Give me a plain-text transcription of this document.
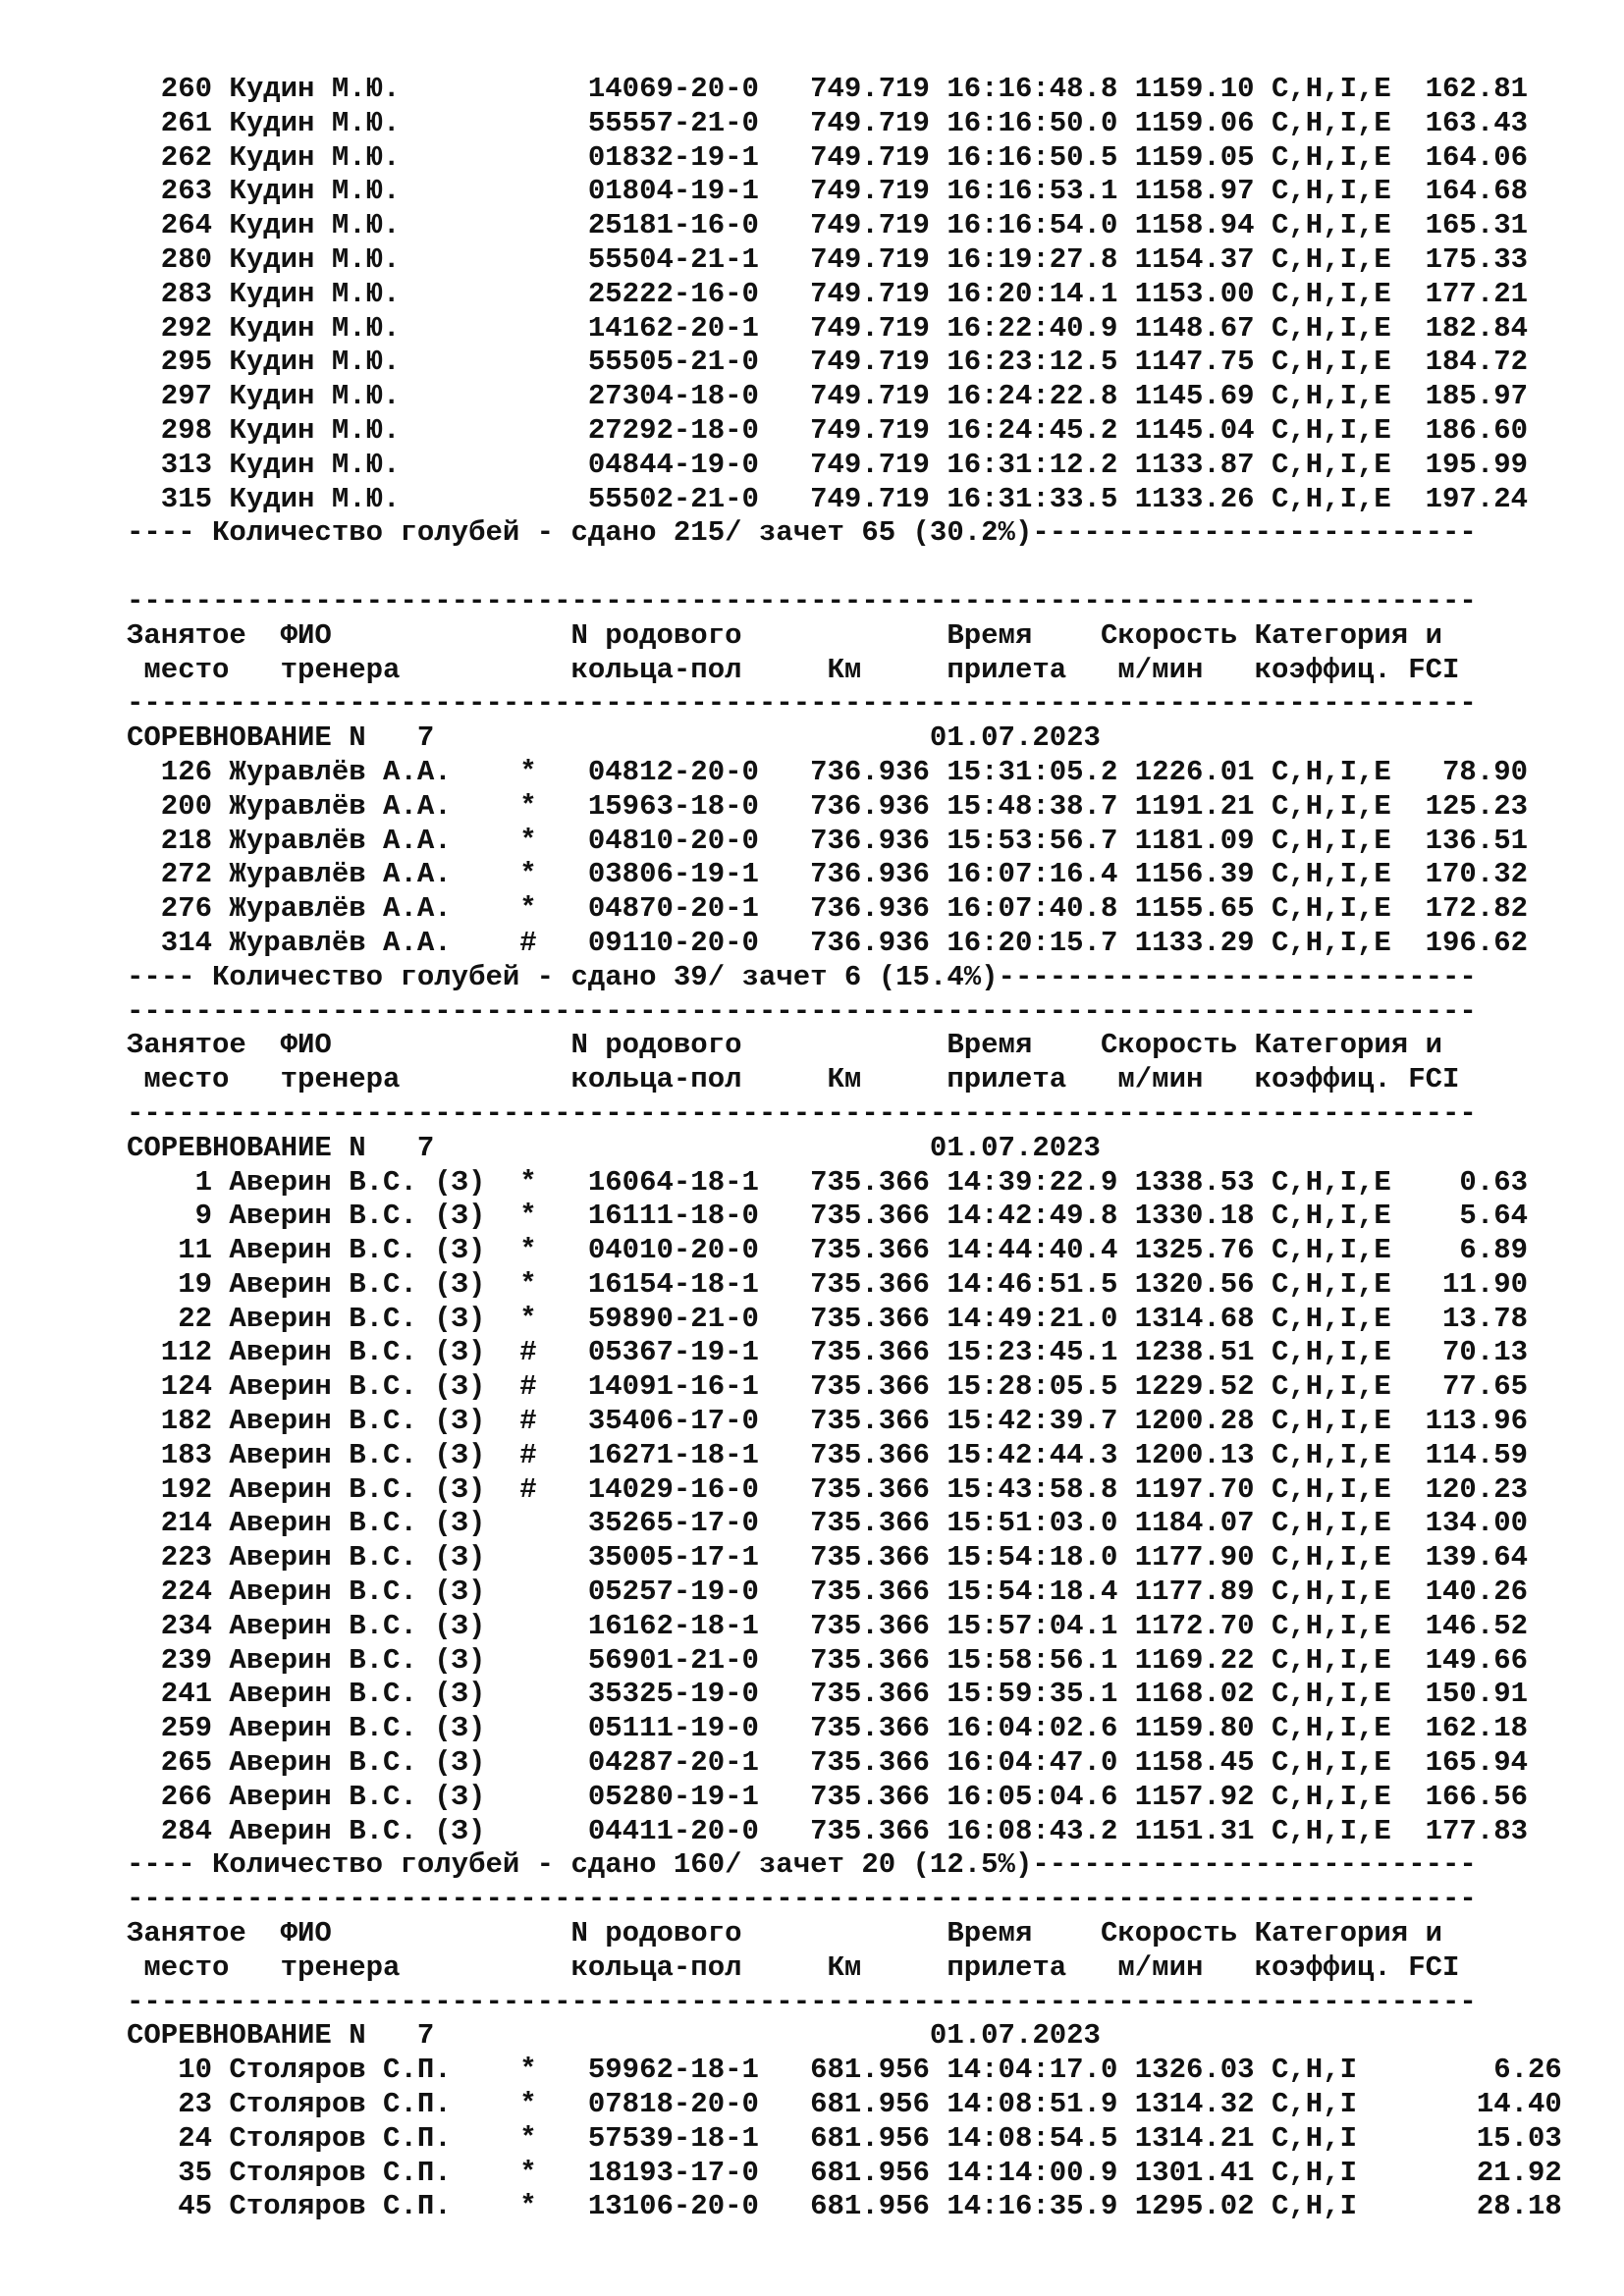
260 Кудин М.Ю.           14069-20-0   749.719 16:16:48.8 1159.10 C,H,I,E  162.81
261 Кудин М.Ю.           55557-21-0   749.719 16:16:50.0 1159.06 C,H,I,E  163.43
262 Кудин М.Ю.           01832-19-1   749.719 16:16:50.5 1159.05 C,H,I,E  164.06
263 Кудин М.Ю.           01804-19-1   749.719 16:16:53.1 1158.97 C,H,I,E  164.68
264 Кудин М.Ю.           25181-16-0   749.719 16:16:54.0 1158.94 C,H,I,E  165.31
280 Кудин М.Ю.           55504-21-1   749.719 16:19:27.8 1154.37 C,H,I,E  175.33
283 Кудин М.Ю.           25222-16-0   749.719 16:20:14.1 1153.00 C,H,I,E  177.21
292 Кудин М.Ю.           14162-20-1   749.719 16:22:40.9 1148.67 C,H,I,E  182.84
295 Кудин М.Ю.           55505-21-0   749.719 16:23:12.5 1147.75 C,H,I,E  184.72
297 Кудин М.Ю.           27304-18-0   749.719 16:24:22.8 1145.69 C,H,I,E  185.97
298 Кудин М.Ю.           27292-18-0   749.719 16:24:45.2 1145.04 C,H,I,E  186.60
313 Кудин М.Ю.           04844-19-0   749.719 16:31:12.2 1133.87 C,H,I,E  195.99
315 Кудин М.Ю.           55502-21-0   749.719 16:31:33.5 1133.26 C,H,I,E  197.24
---- Количество голубей - сдано 215/ зачет 65 (30.2%)--------------------------

-------------------------------------------------------------------------------
Занятое  ФИО              N родового            Время    Скорость Категория и
место   тренера          кольца-пол     Км     прилета   м/мин   коэффиц. FCI
-------------------------------------------------------------------------------
СОРЕВНОВАНИЕ N   7                             01.07.2023
126 Журавлёв А.А.    *   04812-20-0   736.936 15:31:05.2 1226.01 C,H,I,E   78.90
200 Журавлёв А.А.    *   15963-18-0   736.936 15:48:38.7 1191.21 C,H,I,E  125.23
218 Журавлёв А.А.    *   04810-20-0   736.936 15:53:56.7 1181.09 C,H,I,E  136.51
272 Журавлёв А.А.    *   03806-19-1   736.936 16:07:16.4 1156.39 C,H,I,E  170.32
276 Журавлёв А.А.    *   04870-20-1   736.936 16:07:40.8 1155.65 C,H,I,E  172.82
314 Журавлёв А.А.    #   09110-20-0   736.936 16:20:15.7 1133.29 C,H,I,E  196.62
---- Количество голубей - сдано 39/ зачет 6 (15.4%)----------------------------
-------------------------------------------------------------------------------
Занятое  ФИО              N родового            Время    Скорость Категория и
место   тренера          кольца-пол     Км     прилета   м/мин   коэффиц. FCI
-------------------------------------------------------------------------------
СОРЕВНОВАНИЕ N   7                             01.07.2023
1 Аверин В.С. (З)  *   16064-18-1   735.366 14:39:22.9 1338.53 C,H,I,E    0.63
9 Аверин В.С. (З)  *   16111-18-0   735.366 14:42:49.8 1330.18 C,H,I,E    5.64
11 Аверин В.С. (З)  *   04010-20-0   735.366 14:44:40.4 1325.76 C,H,I,E    6.89
19 Аверин В.С. (З)  *   16154-18-1   735.366 14:46:51.5 1320.56 C,H,I,E   11.90
22 Аверин В.С. (З)  *   59890-21-0   735.366 14:49:21.0 1314.68 C,H,I,E   13.78
112 Аверин В.С. (З)  #   05367-19-1   735.366 15:23:45.1 1238.51 C,H,I,E   70.13
124 Аверин В.С. (З)  #   14091-16-1   735.366 15:28:05.5 1229.52 C,H,I,E   77.65
182 Аверин В.С. (З)  #   35406-17-0   735.366 15:42:39.7 1200.28 C,H,I,E  113.96
183 Аверин В.С. (З)  #   16271-18-1   735.366 15:42:44.3 1200.13 C,H,I,E  114.59
192 Аверин В.С. (З)  #   14029-16-0   735.366 15:43:58.8 1197.70 C,H,I,E  120.23
214 Аверин В.С. (З)      35265-17-0   735.366 15:51:03.0 1184.07 C,H,I,E  134.00
223 Аверин В.С. (З)      35005-17-1   735.366 15:54:18.0 1177.90 C,H,I,E  139.64
224 Аверин В.С. (З)      05257-19-0   735.366 15:54:18.4 1177.89 C,H,I,E  140.26
234 Аверин В.С. (З)      16162-18-1   735.366 15:57:04.1 1172.70 C,H,I,E  146.52
239 Аверин В.С. (З)      56901-21-0   735.366 15:58:56.1 1169.22 C,H,I,E  149.66
241 Аверин В.С. (З)      35325-19-0   735.366 15:59:35.1 1168.02 C,H,I,E  150.91
259 Аверин В.С. (З)      05111-19-0   735.366 16:04:02.6 1159.80 C,H,I,E  162.18
265 Аверин В.С. (З)      04287-20-1   735.366 16:04:47.0 1158.45 C,H,I,E  165.94
266 Аверин В.С. (З)      05280-19-1   735.366 16:05:04.6 1157.92 C,H,I,E  166.56
284 Аверин В.С. (З)      04411-20-0   735.366 16:08:43.2 1151.31 C,H,I,E  177.83
---- Количество голубей - сдано 160/ зачет 20 (12.5%)--------------------------
-------------------------------------------------------------------------------
Занятое  ФИО              N родового            Время    Скорость Категория и
место   тренера          кольца-пол     Км     прилета   м/мин   коэффиц. FCI
-------------------------------------------------------------------------------
СОРЕВНОВАНИЕ N   7                             01.07.2023
10 Столяров С.П.    *   59962-18-1   681.956 14:04:17.0 1326.03 C,H,I        6.26
23 Столяров С.П.    *   07818-20-0   681.956 14:08:51.9 1314.32 C,H,I       14.40
24 Столяров С.П.    *   57539-18-1   681.956 14:08:54.5 1314.21 C,H,I       15.03
35 Столяров С.П.    *   18193-17-0   681.956 14:14:00.9 1301.41 C,H,I       21.92
45 Столяров С.П.    *   13106-20-0   681.956 14:16:35.9 1295.02 C,H,I       28.18
